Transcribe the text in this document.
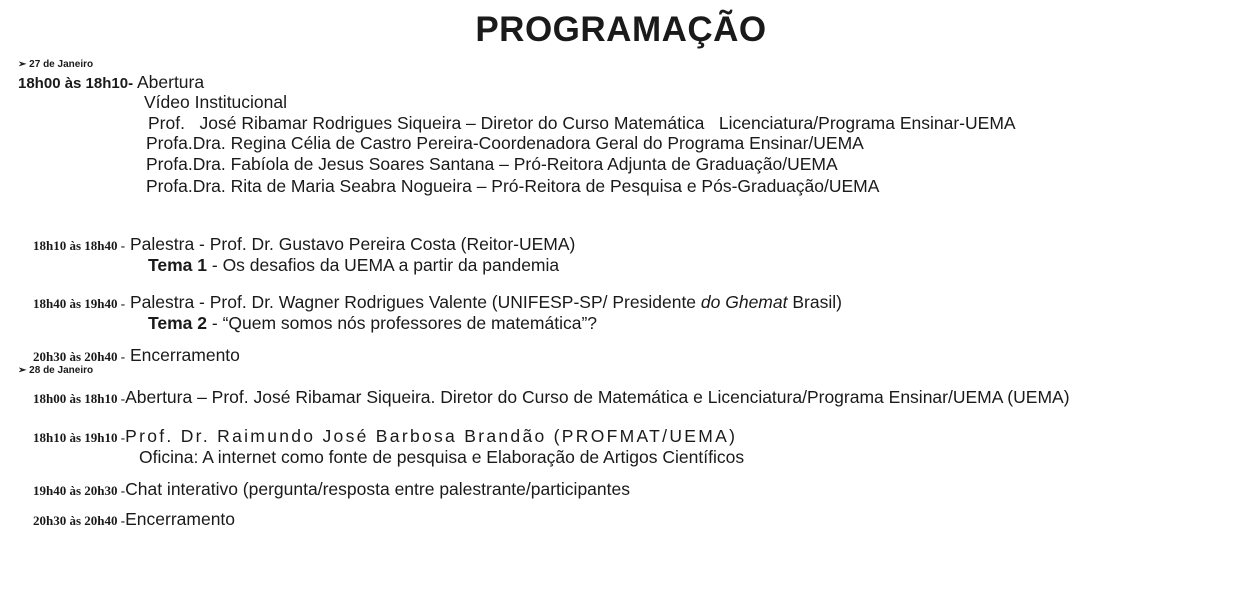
PROGRAMAÇÃO
➢ 27 de Janeiro
18h00 às 18h10- Abertura
Vídeo Institucional
Prof.   José Ribamar Rodrigues Siqueira – Diretor do Curso Matemática   Licenciatura/Programa Ensinar-UEMA
Profa.Dra. Regina Célia de Castro Pereira-Coordenadora Geral do Programa Ensinar/UEMA
Profa.Dra. Fabíola de Jesus Soares Santana – Pró-Reitora Adjunta de Graduação/UEMA
Profa.Dra. Rita de Maria Seabra Nogueira – Pró-Reitora de Pesquisa e Pós-Graduação/UEMA
18h10 às 18h40 - Palestra - Prof. Dr. Gustavo Pereira Costa (Reitor-UEMA)
Tema 1 - Os desafios da UEMA a partir da pandemia
18h40 às 19h40 - Palestra - Prof. Dr. Wagner Rodrigues Valente (UNIFESP-SP/ Presidente do Ghemat Brasil)
Tema 2 - “Quem somos nós professores de matemática”?
20h30 às 20h40 - Encerramento
➢ 28 de Janeiro
18h00 às 18h10 -Abertura – Prof. José Ribamar Siqueira. Diretor do Curso de Matemática e Licenciatura/Programa Ensinar/UEMA (UEMA)
18h10 às 19h10 -Prof. Dr. Raimundo José Barbosa Brandão (PROFMAT/UEMA)
Oficina: A internet como fonte de pesquisa e Elaboração de Artigos Científicos
19h40 às 20h30 -Chat interativo (pergunta/resposta entre palestrante/participantes
20h30 às 20h40 -Encerramento
